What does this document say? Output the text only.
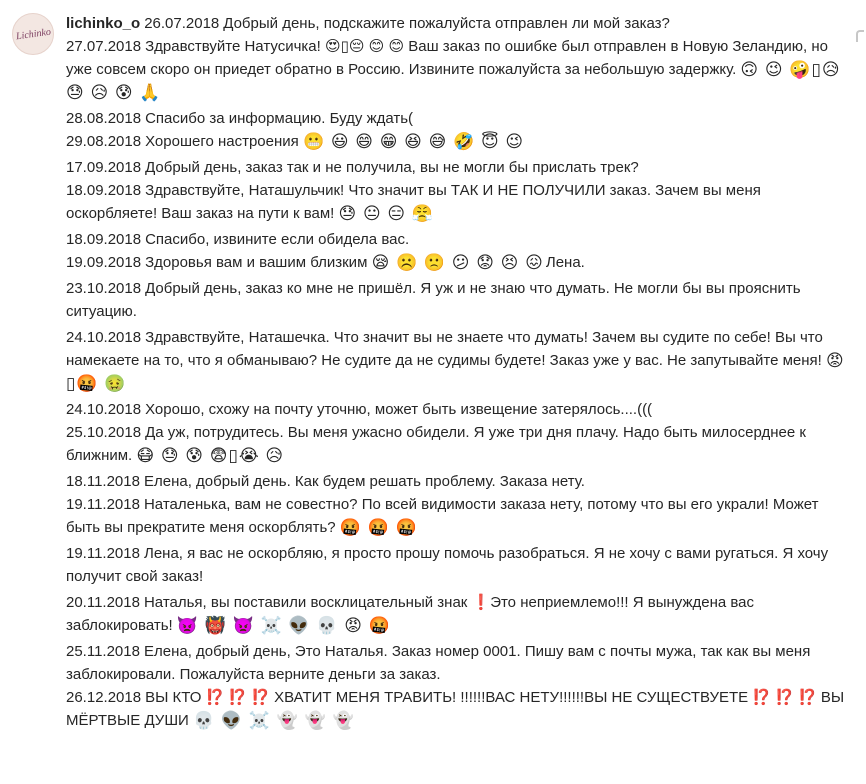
Lichinko
lichinko_o 26.07.2018 Добрый день, подскажите пожалуйста отправлен ли мой заказ?
27.07.2018 Здравствуйте Натусичка! 😍▯😔 😊 😊 Ваш заказ по ошибке был отправлен в Новую Зеландию, но уже совсем скоро он приедет обратно в Россию. Извините пожалуйста за небольшую задержку. 🙃 😉 🤪▯😥 😓 😥 😰 🙏
28.08.2018 Спасибо за информацию. Буду ждать(
29.08.2018 Хорошего настроения 😬 😃 😄 😁 😆 😅 🤣 😇 😉
17.09.2018 Добрый день, заказ так и не получила, вы не могли бы прислать трек?
18.09.2018 Здравствуйте, Наташульчик! Что значит вы ТАК И НЕ ПОЛУЧИЛИ заказ. Зачем вы меня оскорбляете! Ваш заказ на пути к вам! 😓 😐 😑 😤
18.09.2018 Спасибо, извините если обидела вас.
19.09.2018 Здоровья вам и вашим близким 😪 ☹️ 🙁 😕 😟 😣 😖 Лена.
23.10.2018 Добрый день, заказ ко мне не пришёл. Я уж и не знаю что думать. Не могли бы вы прояснить ситуацию.
24.10.2018 Здравствуйте, Наташечка. Что значит вы не знаете что думать! Зачем вы судите по себе! Вы что намекаете на то, что я обманываю? Не судите да не судимы будете! Заказ уже у вас. Не запутывайте меня! 😡▯🤬 🤢
24.10.2018 Хорошо, схожу на почту уточню, может быть извещение затерялось....(((
25.10.2018 Да уж, потрудитесь. Вы меня ужасно обидели. Я уже три дня плачу. Надо быть милосерднее к ближним. 😷 😓 😰 😨▯😭 😥
18.11.2018 Елена, добрый день. Как будем решать проблему. Заказа нету.
19.11.2018 Наталенька, вам не совестно? По всей видимости заказа нету, потому что вы его украли! Может быть вы прекратите меня оскорблять? 🤬 🤬 🤬
19.11.2018 Лена, я вас не оскорбляю, я просто прошу помочь разобраться. Я не хочу с вами ругаться. Я хочу получит свой заказ!
20.11.2018 Наталья, вы поставили восклицательный знак ❗Это неприемлемо!!! Я вынуждена вас заблокировать! 👿 👹 👿 ☠️ 👽 💀 😡 🤬
25.11.2018 Елена, добрый день, Это Наталья. Заказ номер 0001. Пишу вам с почты мужа, так как вы меня заблокировали. Пожалуйста верните деньги за заказ.
26.12.2018 ВЫ КТО ⁉️ ⁉️ ⁉️ ХВАТИТ МЕНЯ ТРАВИТЬ! !!!!!!ВАС НЕТУ!!!!!!ВЫ НЕ СУЩЕСТВУЕТЕ ⁉️ ⁉️ ⁉️ ВЫ МЁРТВЫЕ ДУШИ 💀 👽 ☠️ 👻 👻 👻
